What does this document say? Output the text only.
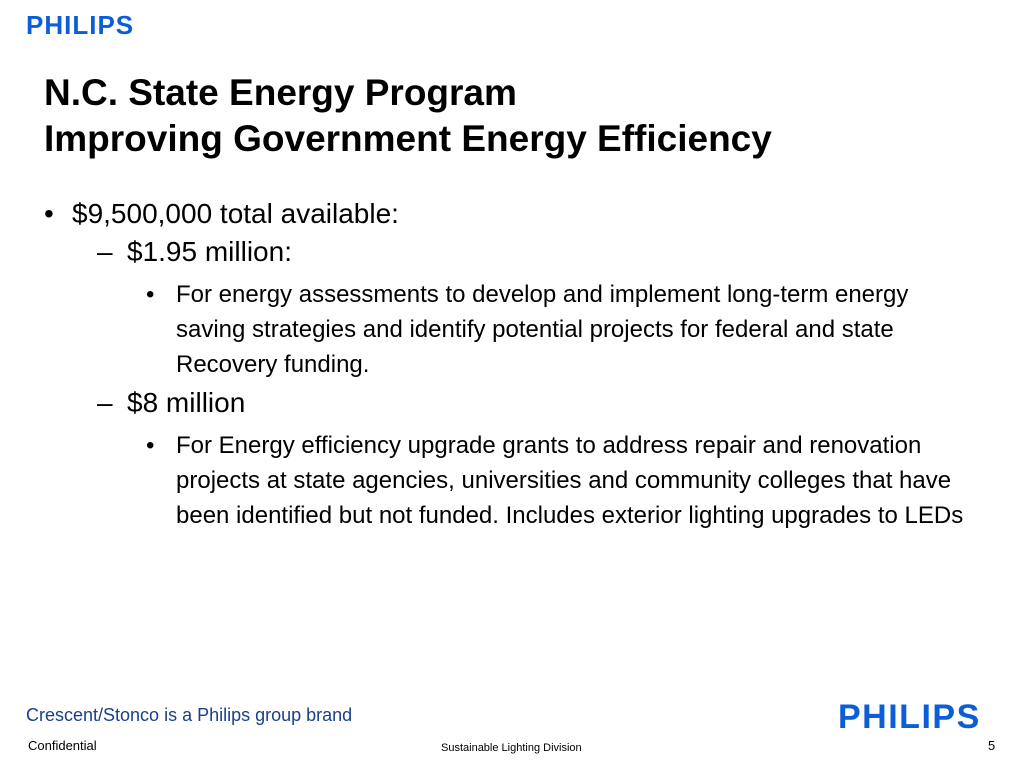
PHILIPS
N.C. State Energy Program
Improving Government Energy Efficiency
• $9,500,000 total available:
– $1.95 million:
• For energy assessments to develop and implement long-term energy saving strategies and identify potential projects for federal and state Recovery funding.
– $8 million
• For Energy efficiency upgrade grants to address repair and renovation projects at state agencies, universities and community colleges that have been identified but not funded. Includes exterior lighting upgrades to LEDs
Crescent/Stonco is a Philips group brand	PHILIPS
Confidential	Sustainable Lighting Division	5
